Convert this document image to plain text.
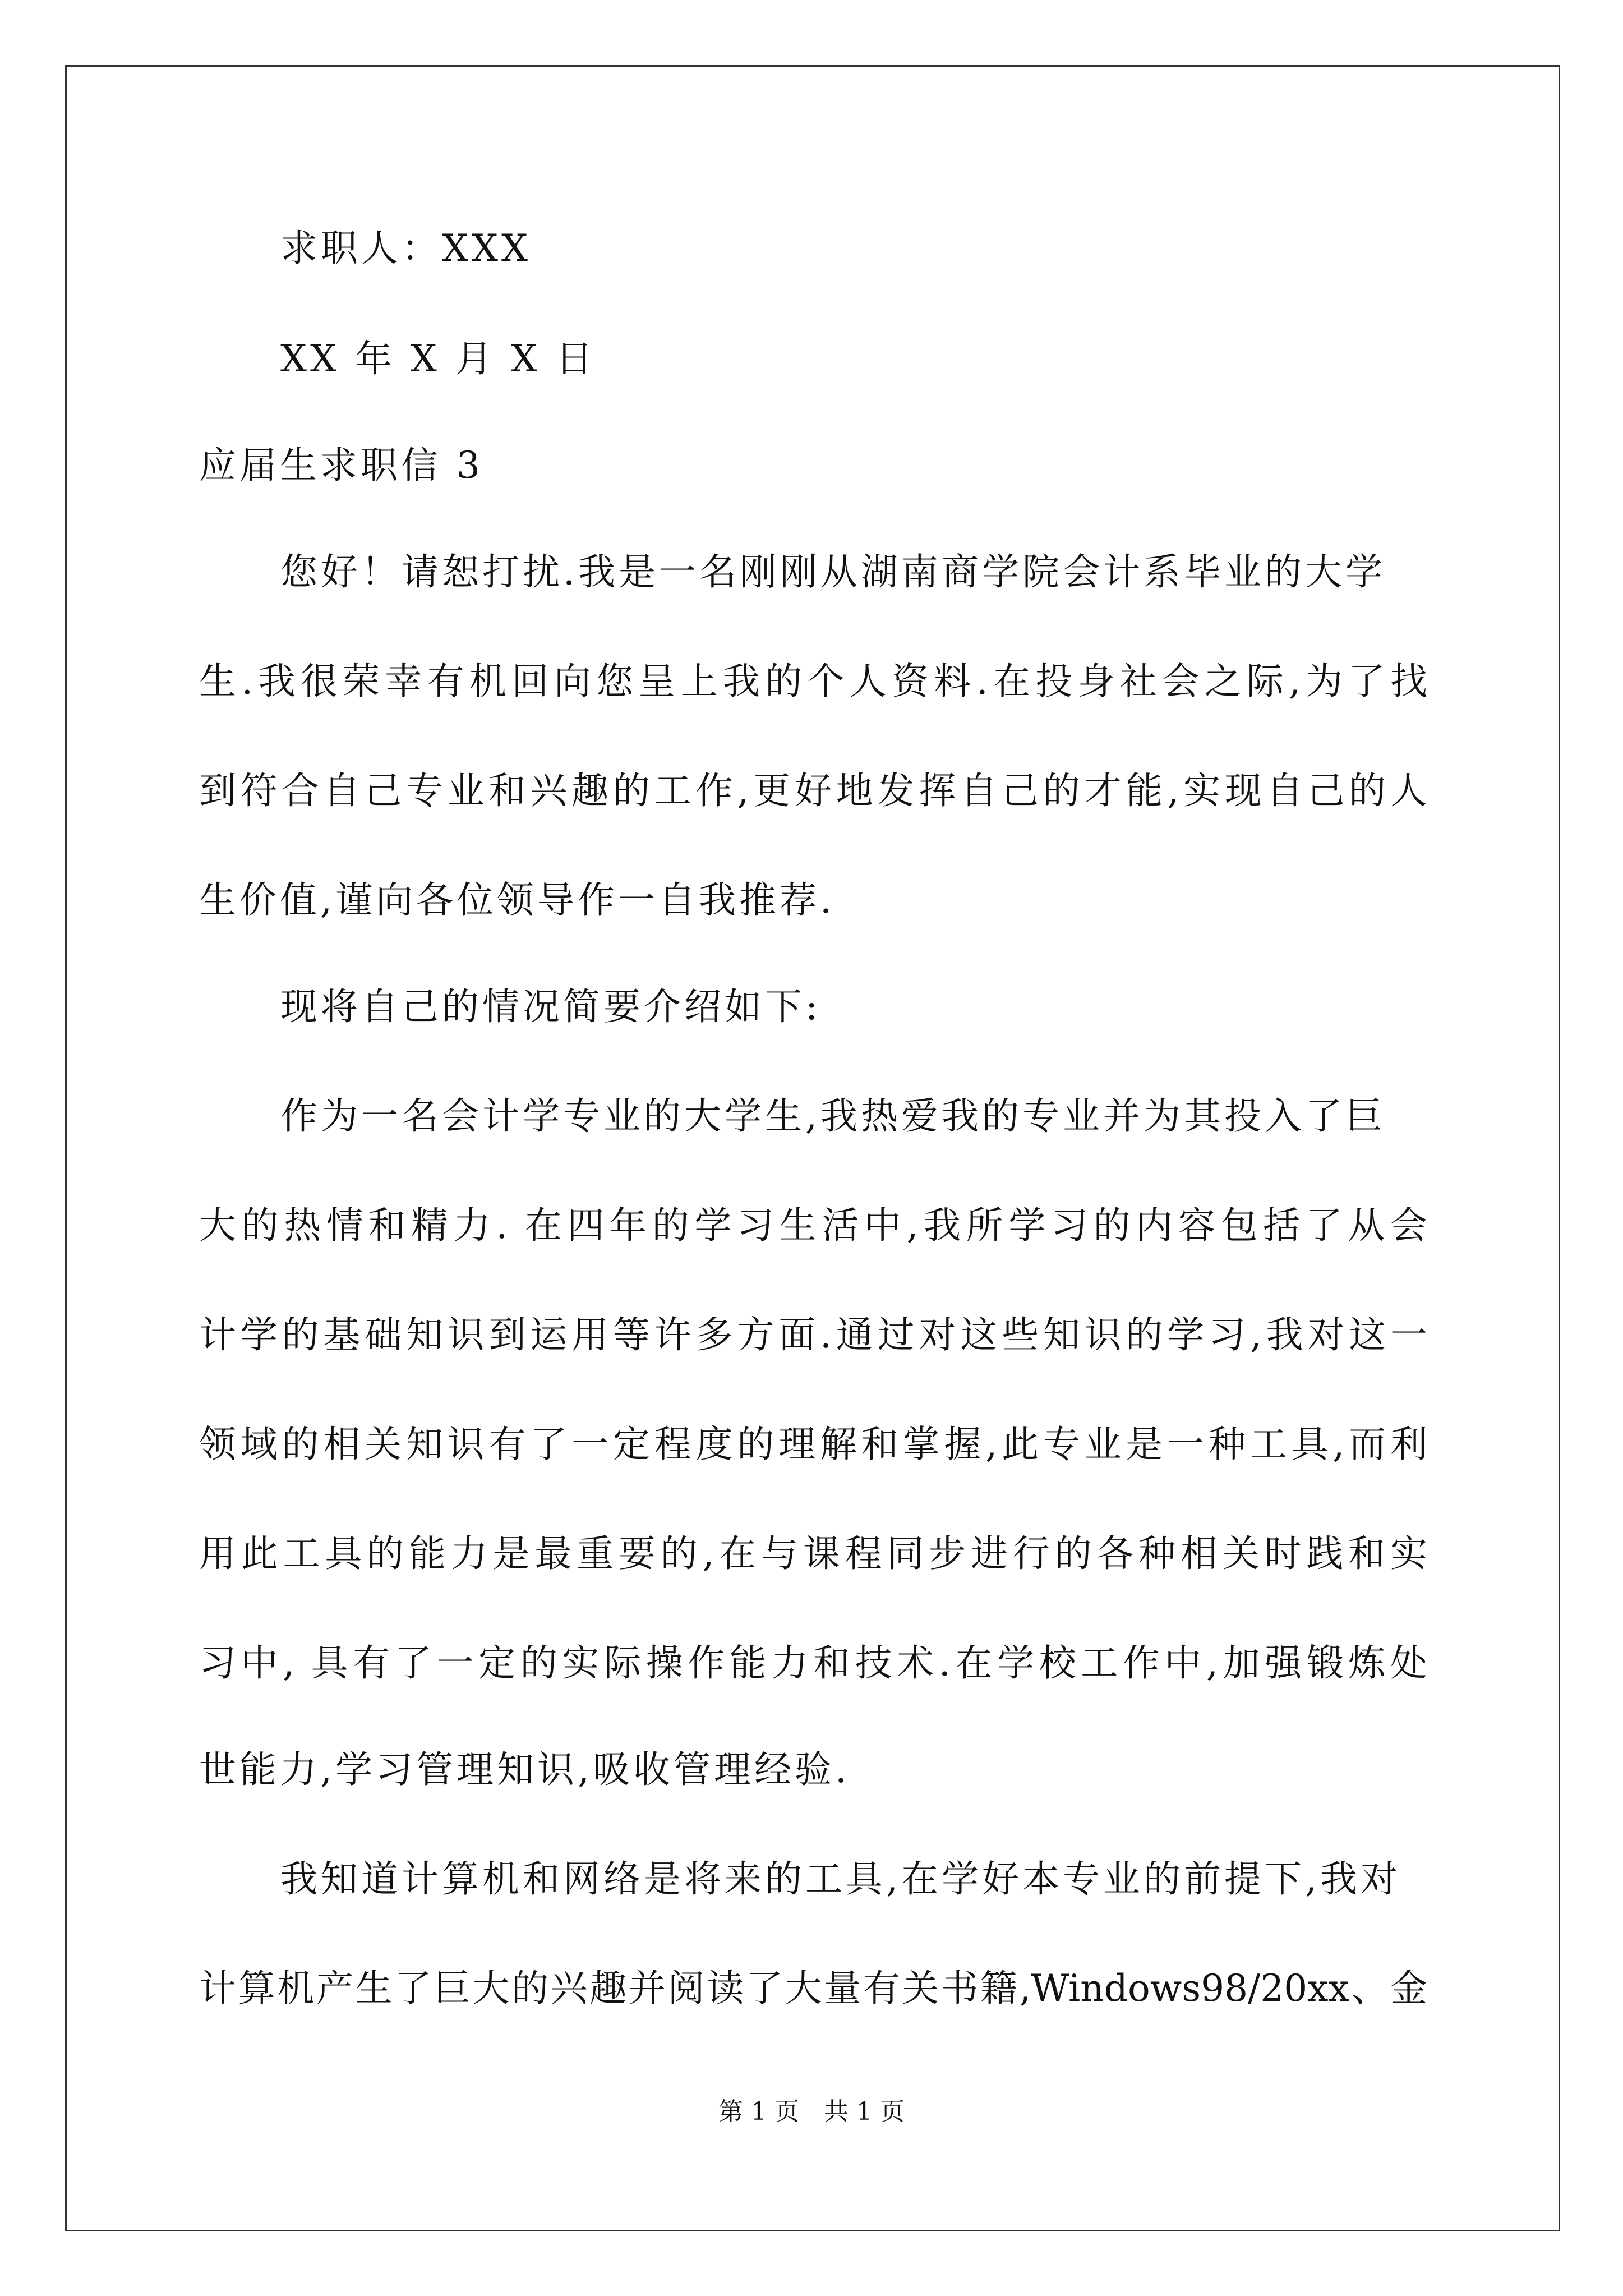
求职人：XXX

XX 年 X 月 X 日

应届生求职信 3

您好！请恕打扰.我是一名刚刚从湖南商学院会计系毕业的大学

生.我很荣幸有机回向您呈上我的个人资料.在投身社会之际,为了找

到符合自己专业和兴趣的工作,更好地发挥自己的才能,实现自己的人

生价值,谨向各位领导作一自我推荐.

现将自己的情况简要介绍如下:

作为一名会计学专业的大学生,我热爱我的专业并为其投入了巨

大的热情和精力. 在四年的学习生活中,我所学习的内容包括了从会

计学的基础知识到运用等许多方面.通过对这些知识的学习,我对这一

领域的相关知识有了一定程度的理解和掌握,此专业是一种工具,而利

用此工具的能力是最重要的,在与课程同步进行的各种相关时践和实

习中, 具有了一定的实际操作能力和技术.在学校工作中,加强锻炼处

世能力,学习管理知识,吸收管理经验.

我知道计算机和网络是将来的工具,在学好本专业的前提下,我对

计算机产生了巨大的兴趣并阅读了大量有关书籍,Windows98/20xx、金

第 1 页　共 1 页
